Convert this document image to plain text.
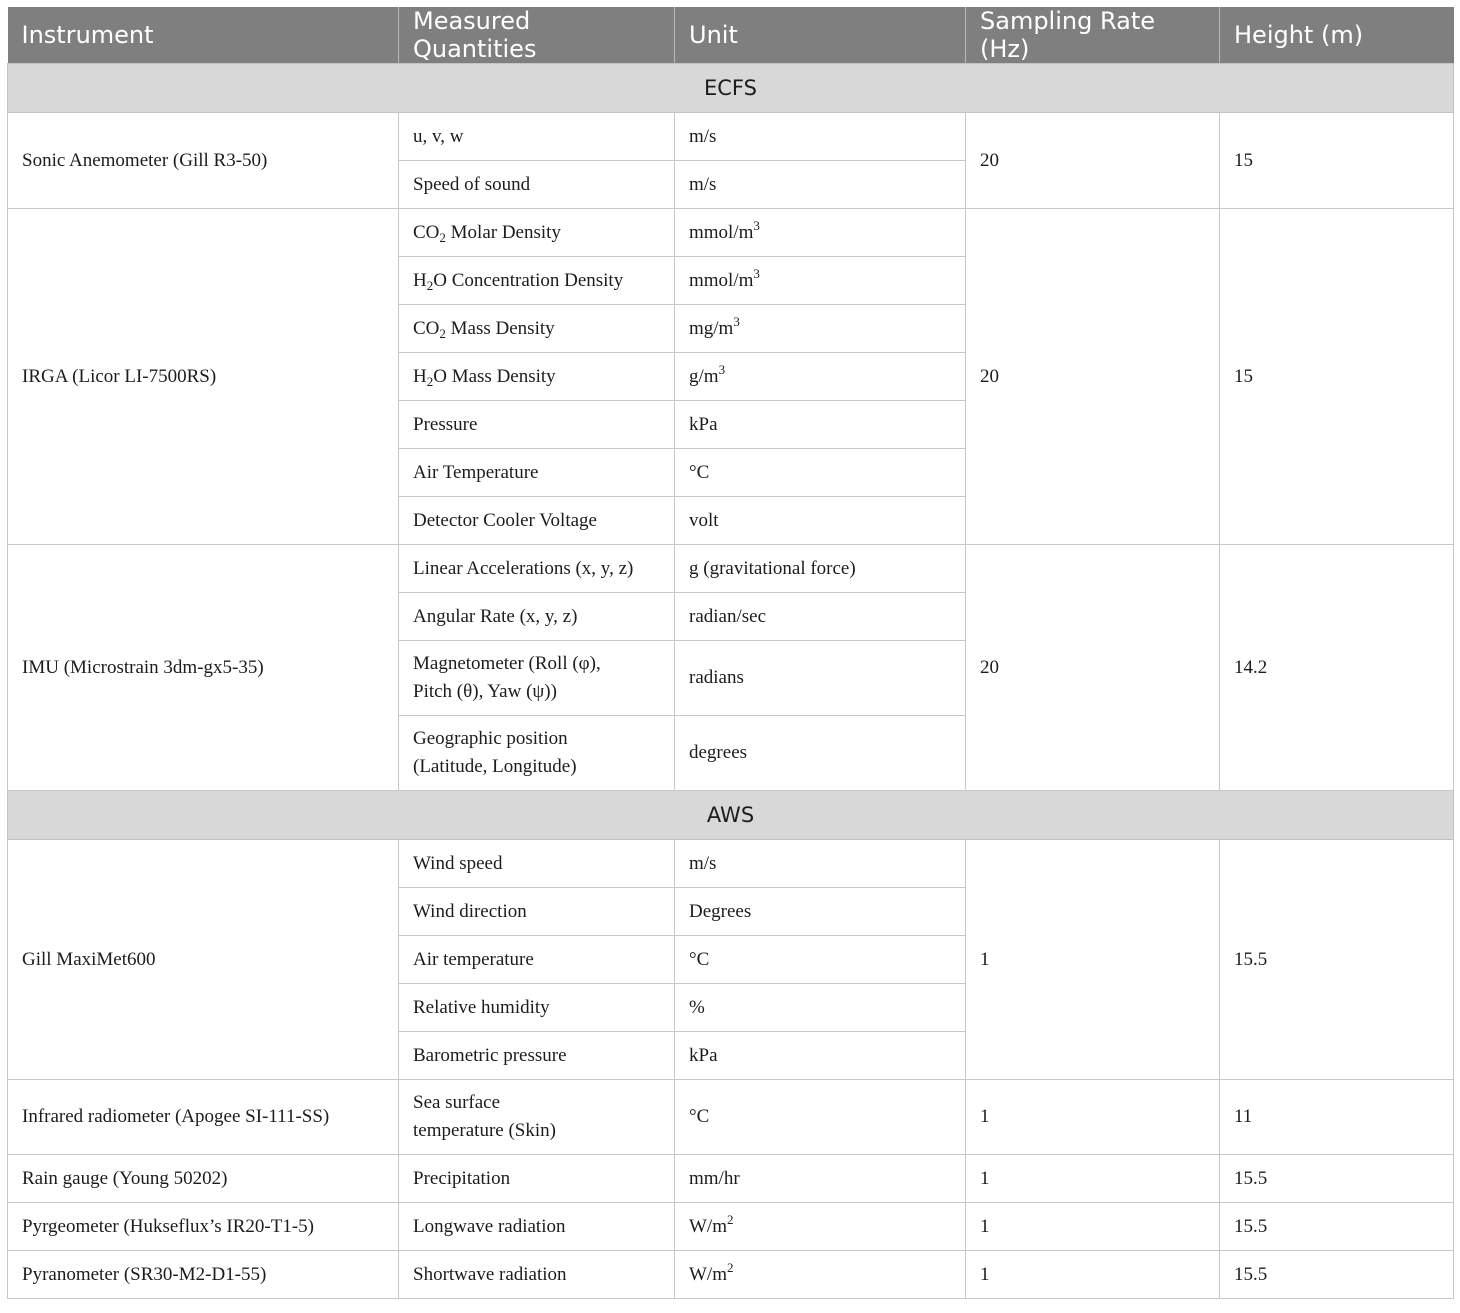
Instrument	Measured Quantities	Unit	Sampling Rate (Hz)	Height (m)
ECFS				
Sonic Anemometer (Gill R3-50)	u, v, w	m/s	20	15
	Speed of sound	m/s		
IRGA (Licor LI-7500RS)	$CO_2$ Molar Density	mmol/$m^3$	20	15
	$H_2O$ Concentration Density	mmol/$m^3$
	$CO_2$ Mass Density	$mg/m^3$
	$H_2O$ Mass Density	$g/m^3$
	Pressure	kPa		
	Air Temperature	°C		
	Detector Cooler Voltage	volt		
IMU (Microstrain 3dm-gx5-35)	Linear Accelerations (x, y, z)	g (gravitational force)	20	14.2
	Angular Rate (x, y, z)	radian/sec		
	Magnetometer (Roll (φ),
Pitch (θ), Yaw (ψ))	radians		
	Geographic position
(Latitude, Longitude)	degrees		
AWS				
Gill MaxiMet600	Wind speed	m/s	1	15.5
	Wind direction	Degrees		
	Air temperature	°C		
	Relative humidity	%		
	Barometric pressure	kPa		
Infrared radiometer (Apogee SI-111-SS)	Sea surface
temperature (Skin)	°C	1	11
Rain gauge (Young 50202)	Precipitation	mm/hr	1	15.5
Pyrgeometer (Hukseflux’s IR20-T1-5)	Longwave radiation	$W/m^2$	1	15.5
Pyranometer (SR30-M2-D1-55)	Shortwave radiation	$W/m^2$	1	15.5
